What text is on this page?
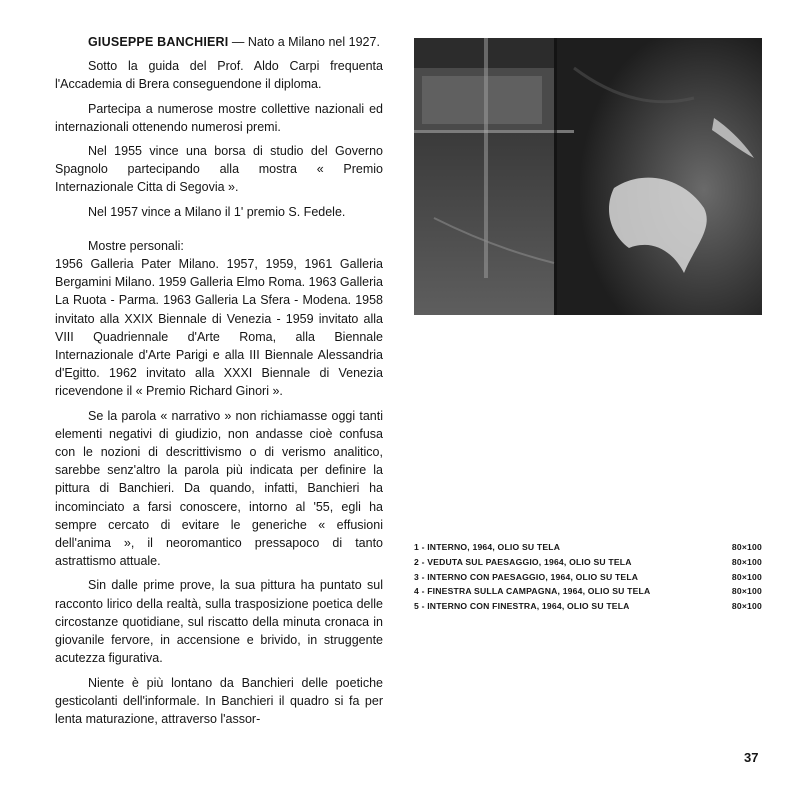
GIUSEPPE BANCHIERI — Nato a Milano nel 1927.

Sotto la guida del Prof. Aldo Carpi frequenta l'Accademia di Brera conseguendone il diploma.

Partecipa a numerose mostre collettive nazionali ed internazionali ottenendo numerosi premi.

Nel 1955 vince una borsa di studio del Governo Spagnolo partecipando alla mostra « Premio Internazionale Citta di Segovia ».

Nel 1957 vince a Milano il 1' premio S. Fedele.

Mostre personali:

1956 Galleria Pater Milano. 1957, 1959, 1961 Galleria Bergamini Milano. 1959 Galleria Elmo Roma. 1963 Galleria La Ruota - Parma. 1963 Galleria La Sfera - Modena. 1958 invitato alla XXIX Biennale di Venezia - 1959 invitato alla VIII Quadriennale d'Arte Roma, alla Biennale Internazionale d'Arte Parigi e alla III Biennale Alessandria d'Egitto. 1962 invitato alla XXXI Biennale di Venezia ricevendone il « Premio Richard Ginori ».

Se la parola « narrativo » non richiamasse oggi tanti elementi negativi di giudizio, non andasse cioè confusa con le nozioni di descrittivismo o di verismo analitico, sarebbe senz'altro la parola più indicata per definire la pittura di Banchieri. Da quando, infatti, Banchieri ha incominciato a farsi conoscere, intorno al '55, egli ha sempre cercato di evitare le generiche « effusioni dell'anima », il neoromantico pressapoco di tanto astrattismo attuale.

Sin dalle prime prove, la sua pittura ha puntato sul racconto lirico della realtà, sulla trasposizione poetica delle circostanze quotidiane, sul riscatto della minuta cronaca in giovanile fervore, in accensione e brivido, in struggente acutezza figurativa.

Niente è più lontano da Banchieri delle poetiche gesticolanti dell'informale. In Banchieri il quadro si fa per lenta maturazione, attraverso l'assor-

1 - INTERNO, 1964, OLIO SU TELA	80×100
2 - VEDUTA SUL PAESAGGIO, 1964, OLIO SU TELA	80×100
3 - INTERNO CON PAESAGGIO, 1964, OLIO SU TELA	80×100
4 - FINESTRA SULLA CAMPAGNA, 1964, OLIO SU TELA	80×100
5 - INTERNO CON FINESTRA, 1964, OLIO SU TELA	80×100
37
